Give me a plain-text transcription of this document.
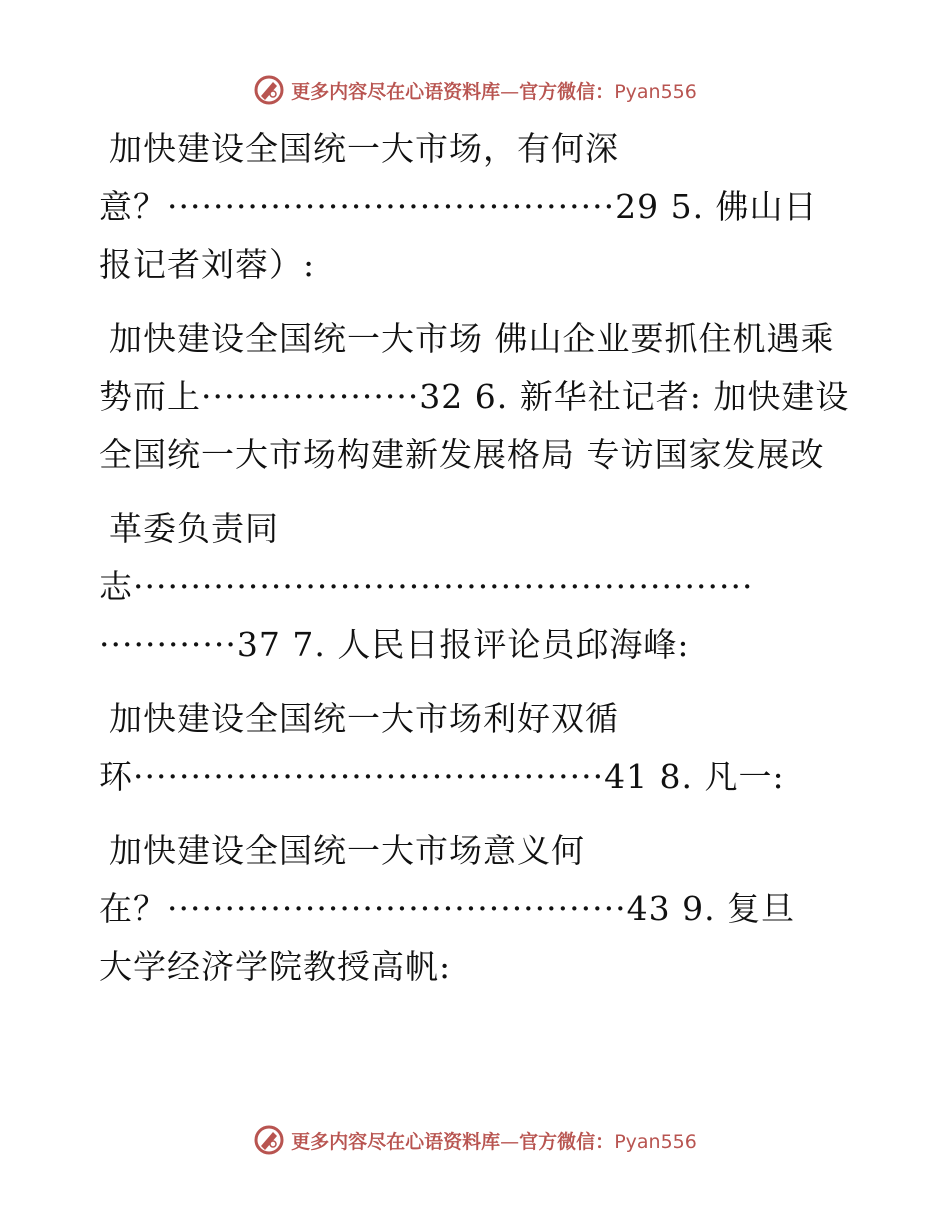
更多内容尽在心语资料库—官方微信：Pyan556
加快建设全国统一大市场，有何深
意？·······································29 5. 佛山日
报记者刘蓉）:
加快建设全国统一大市场 佛山企业要抓住机遇乘
势而上···················32 6. 新华社记者: 加快建设
全国统一大市场构建新发展格局 专访国家发展改
革委负责同
志······················································
············37 7. 人民日报评论员邱海峰:
加快建设全国统一大市场利好双循
环·········································41 8. 凡一:
加快建设全国统一大市场意义何
在？········································43 9. 复旦
大学经济学院教授高帆:
更多内容尽在心语资料库—官方微信：Pyan556
